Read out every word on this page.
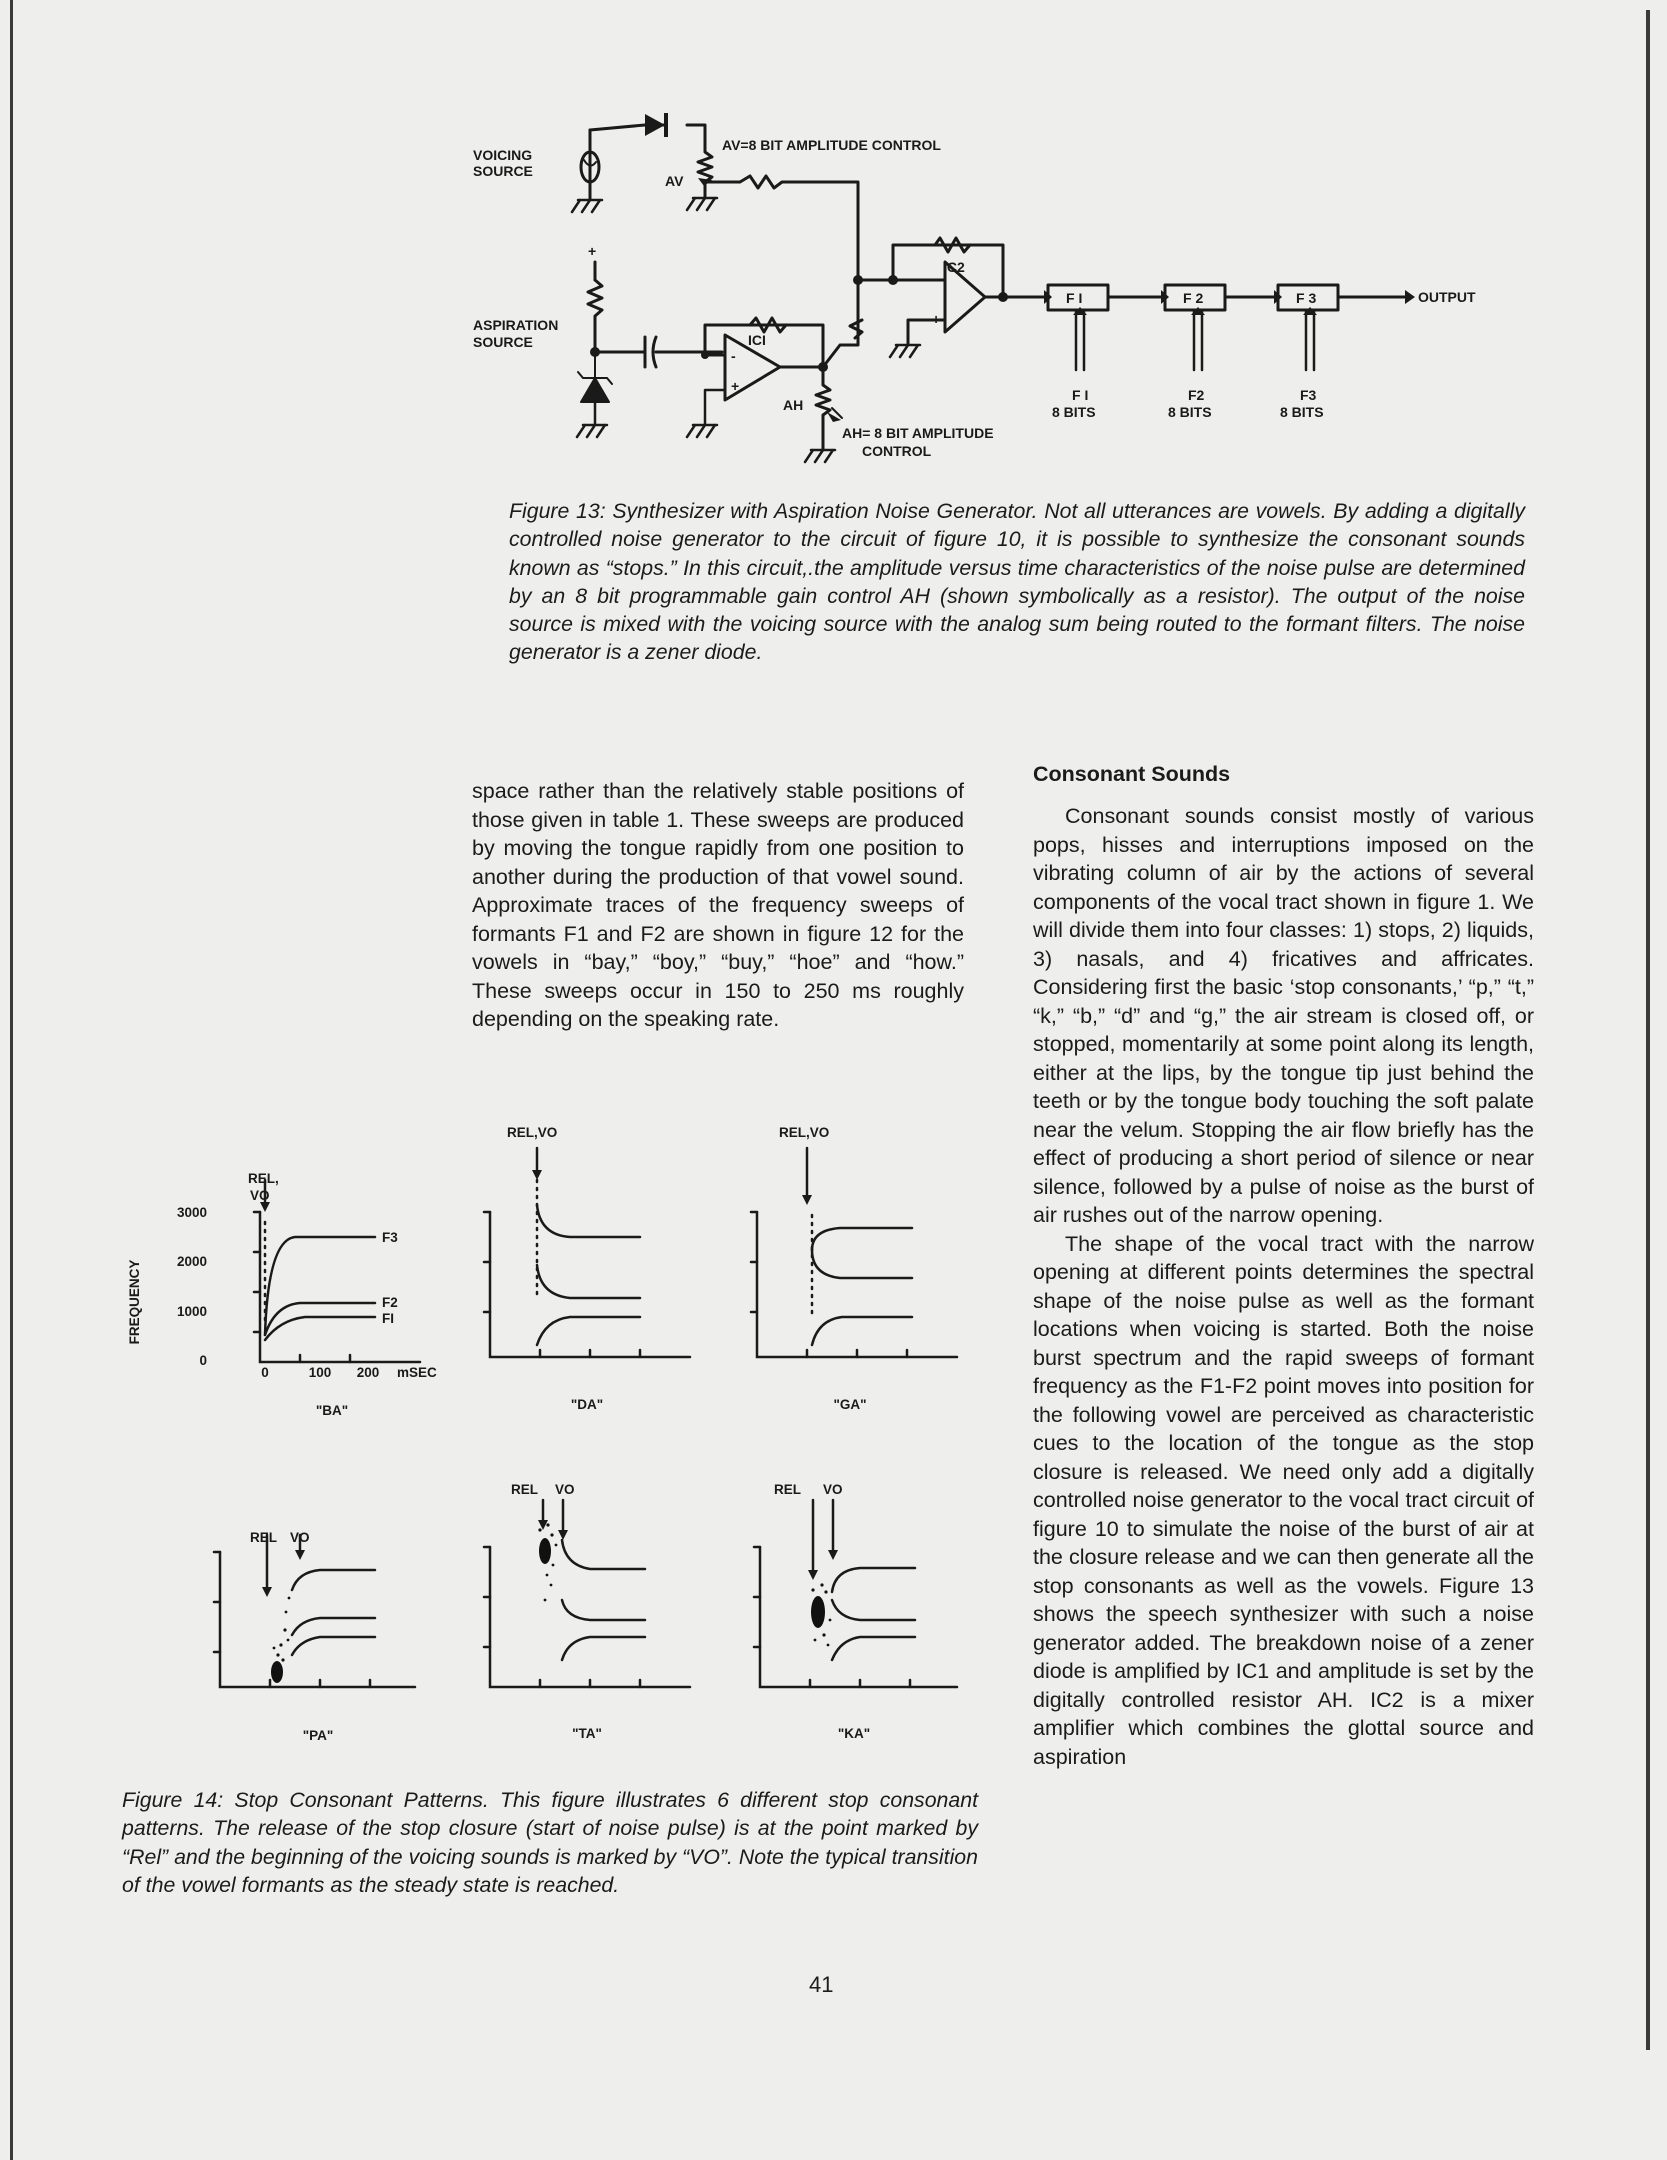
VOICING
SOURCE
AV
AV=8 BIT AMPLITUDE CONTROL
IC2
ICI
ASPIRATION
SOURCE
AH
AH= 8 BIT AMPLITUDE
CONTROL
OUTPUT
F I	F 2	F 3
F I
8 BITS
F2
8 BITS
F3
8 BITS
+
+
+
-

Figure 13: Synthesizer with Aspiration Noise Generator. Not all utterances are vowels. By adding a digitally controlled noise generator to the circuit of figure 10, it is possible to synthesize the consonant sounds known as “stops.” In this circuit,.the amplitude versus time characteristics of the noise pulse are determined by an 8 bit programmable gain control AH (shown symbolically as a resistor). The output of the noise source is mixed with the voicing source with the analog sum being routed to the formant filters. The noise generator is a zener diode.

space rather than the relatively stable positions of those given in table 1. These sweeps are produced by moving the tongue rapidly from one position to another during the production of that vowel sound. Approximate traces of the frequency sweeps of formants F1 and F2 are shown in figure 12 for the vowels in “bay,” “boy,” “buy,” “hoe” and “how.” These sweeps occur in 150 to 250 ms roughly depending on the speaking rate.

FREQUENCY
3000
2000
1000
0
0	100 200 mSEC
F3
F2
FI
REL,
VO
REL,VO	REL,VO
REL VO
REL VO	REL VO
"BA"	"DA"	"GA"
"PA"	"TA"	"KA"

Figure 14: Stop Consonant Patterns. This figure illustrates 6 different stop consonant patterns. The release of the stop closure (start of noise pulse) is at the point marked by “Rel” and the beginning of the voicing sounds is marked by “VO”. Note the typical transition of the vowel formants as the steady state is reached.

Consonant Sounds

Consonant sounds consist mostly of various pops, hisses and interruptions imposed on the vibrating column of air by the actions of several components of the vocal tract shown in figure 1. We will divide them into four classes: 1) stops, 2) liquids, 3) nasals, and 4) fricatives and affricates. Considering first the basic ‘stop consonants,’ “p,” “t,” “k,” “b,” “d” and “g,” the air stream is closed off, or stopped, momentarily at some point along its length, either at the lips, by the tongue tip just behind the teeth or by the tongue body touching the soft palate near the velum. Stopping the air flow briefly has the effect of producing a short period of silence or near silence, followed by a pulse of noise as the burst of air rushes out of the narrow opening.

The shape of the vocal tract with the narrow opening at different points determines the spectral shape of the noise pulse as well as the formant locations when voicing is started. Both the noise burst spectrum and the rapid sweeps of formant frequency as the F1-F2 point moves into position for the following vowel are perceived as characteristic cues to the location of the tongue as the stop closure is released. We need only add a digitally controlled noise generator to the vocal tract circuit of figure 10 to simulate the noise of the burst of air at the closure release and we can then generate all the stop consonants as well as the vowels. Figure 13 shows the speech synthesizer with such a noise generator added. The breakdown noise of a zener diode is amplified by IC1 and amplitude is set by the digitally controlled resistor AH. IC2 is a mixer amplifier which combines the glottal source and aspiration

41
